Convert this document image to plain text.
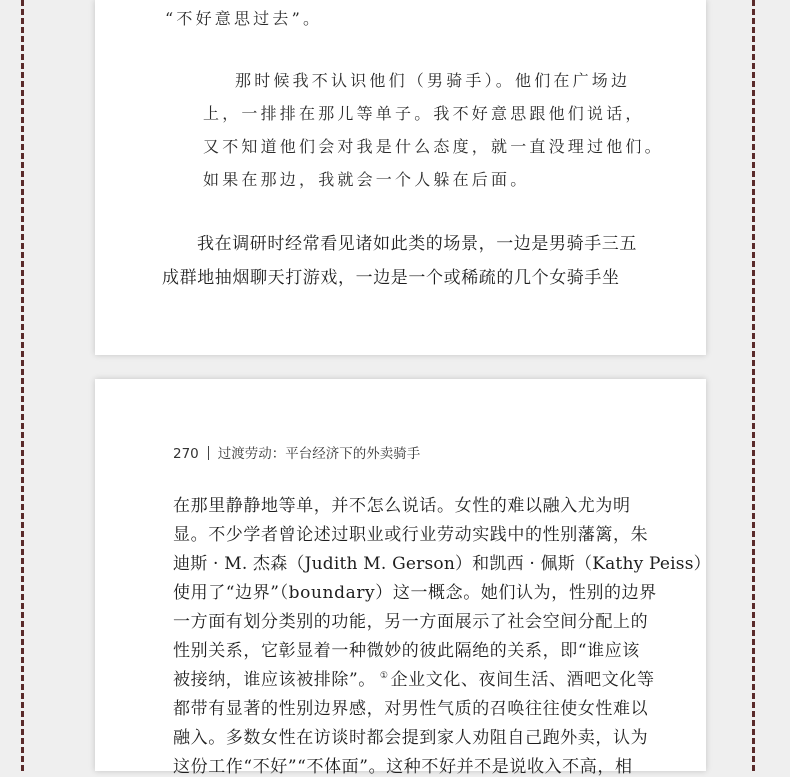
“不好意思过去”。
那时候我不认识他们（男骑手）。他们在广场边
上，一排排在那儿等单子。我不好意思跟他们说话，
又不知道他们会对我是什么态度，就一直没理过他们。
如果在那边，我就会一个人躲在后面。
我在调研时经常看见诸如此类的场景，一边是男骑手三五
成群地抽烟聊天打游戏，一边是一个或稀疏的几个女骑手坐
270 过渡劳动：平台经济下的外卖骑手
在那里静静地等单，并不怎么说话。女性的难以融入尤为明
显。不少学者曾论述过职业或行业劳动实践中的性别藩篱，朱
迪斯 · M. 杰森（Judith M. Gerson）和凯西 · 佩斯（Kathy Peiss）
使用了“边界”（boundary）这一概念。她们认为，性别的边界
一方面有划分类别的功能，另一方面展示了社会空间分配上的
性别关系，它彰显着一种微妙的彼此隔绝的关系，即“谁应该
被接纳，谁应该被排除”。 ① 企业文化、夜间生活、酒吧文化等
都带有显著的性别边界感，对男性气质的召唤往往使女性难以
融入。多数女性在访谈时都会提到家人劝阻自己跑外卖，认为
这份工作“不好”“不体面”。这种不好并不是说收入不高，相
